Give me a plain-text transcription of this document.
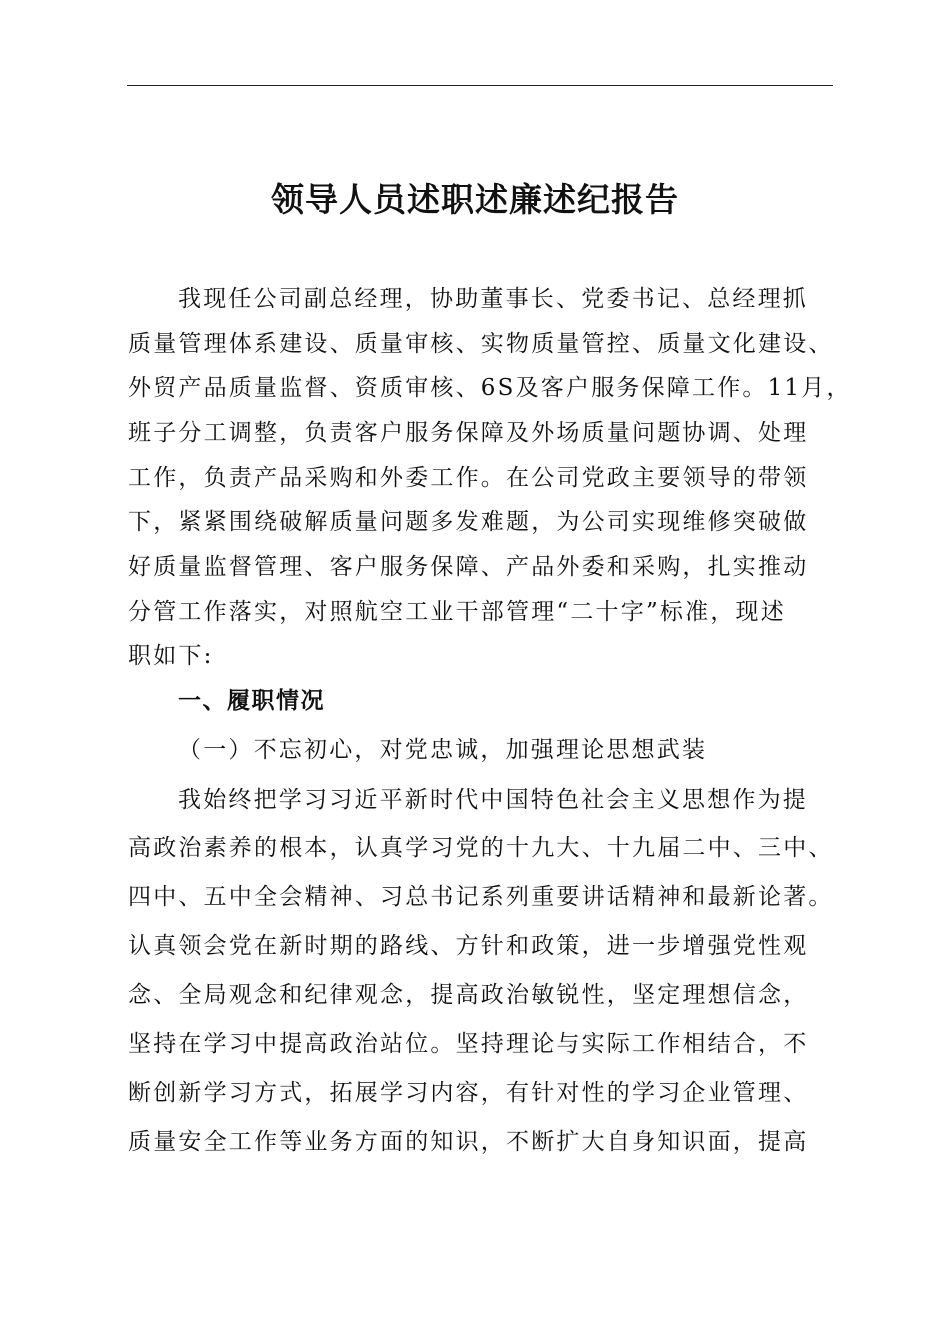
领导人员述职述廉述纪报告

我现任公司副总经理，协助董事长、党委书记、总经理抓

质量管理体系建设、质量审核、实物质量管控、质量文化建设、

外贸产品质量监督、资质审核、6S及客户服务保障工作。11月，

班子分工调整，负责客户服务保障及外场质量问题协调、处理

工作，负责产品采购和外委工作。在公司党政主要领导的带领

下，紧紧围绕破解质量问题多发难题，为公司实现维修突破做

好质量监督管理、客户服务保障、产品外委和采购，扎实推动

分管工作落实，对照航空工业干部管理“二十字”标准，现述

职如下:

一、履职情况

（一）不忘初心，对党忠诚，加强理论思想武装

我始终把学习习近平新时代中国特色社会主义思想作为提

高政治素养的根本，认真学习党的十九大、十九届二中、三中、

四中、五中全会精神、习总书记系列重要讲话精神和最新论著。

认真领会党在新时期的路线、方针和政策，进一步增强党性观

念、全局观念和纪律观念，提高政治敏锐性，坚定理想信念，

坚持在学习中提高政治站位。坚持理论与实际工作相结合，不

断创新学习方式，拓展学习内容，有针对性的学习企业管理、

质量安全工作等业务方面的知识，不断扩大自身知识面，提高
